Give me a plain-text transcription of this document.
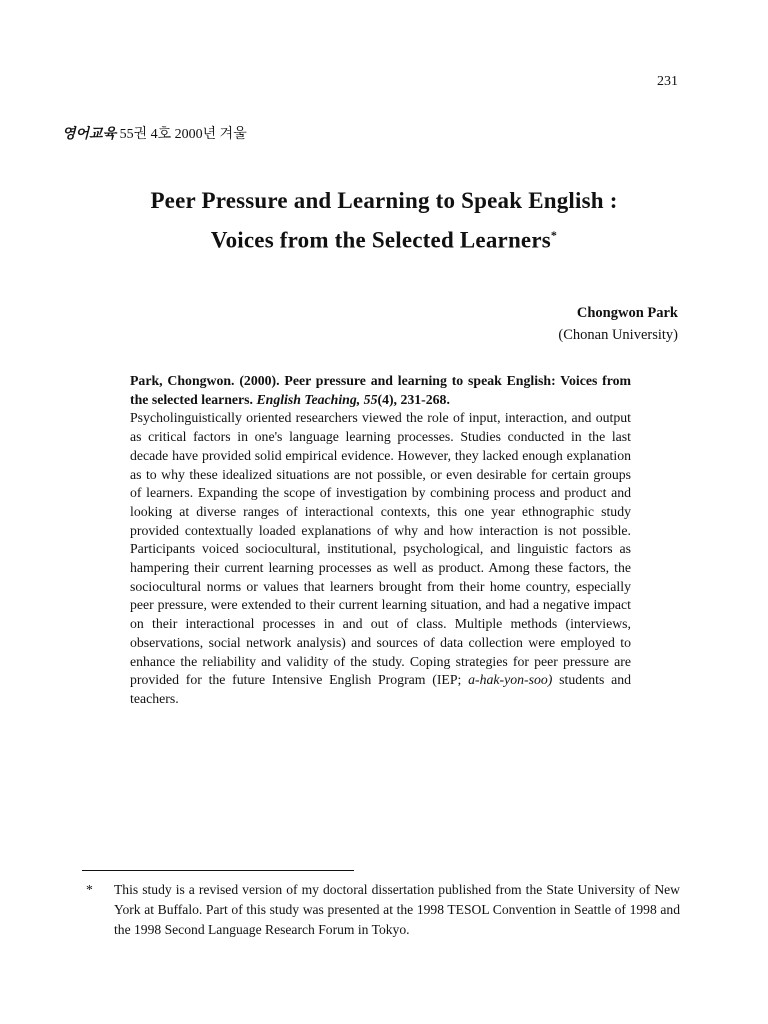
231
영어교육 55권 4호 2000년 겨울
Peer Pressure and Learning to Speak English :
Voices from the Selected Learners*
Chongwon Park
(Chonan University)
Park, Chongwon. (2000). Peer pressure and learning to speak English: Voices from the selected learners. English Teaching, 55(4), 231-268.
Psycholinguistically oriented researchers viewed the role of input, interaction, and output as critical factors in one's language learning processes. Studies conducted in the last decade have provided solid empirical evidence. However, they lacked enough explanation as to why these idealized situations are not possible, or even desirable for certain groups of learners. Expanding the scope of investigation by combining process and product and looking at diverse ranges of interactional contexts, this one year ethnographic study provided contextually loaded explanations of why and how interaction is not possible. Participants voiced sociocultural, institutional, psychological, and linguistic factors as hampering their current learning processes as well as product. Among these factors, the sociocultural norms or values that learners brought from their home country, especially peer pressure, were extended to their current learning situation, and had a negative impact on their interactional processes in and out of class. Multiple methods (interviews, observations, social network analysis) and sources of data collection were employed to enhance the reliability and validity of the study. Coping strategies for peer pressure are provided for the future Intensive English Program (IEP; a-hak-yon-soo) students and teachers.
*	This study is a revised version of my doctoral dissertation published from the State University of New York at Buffalo. Part of this study was presented at the 1998 TESOL Convention in Seattle of 1998 and the 1998 Second Language Research Forum in Tokyo.
